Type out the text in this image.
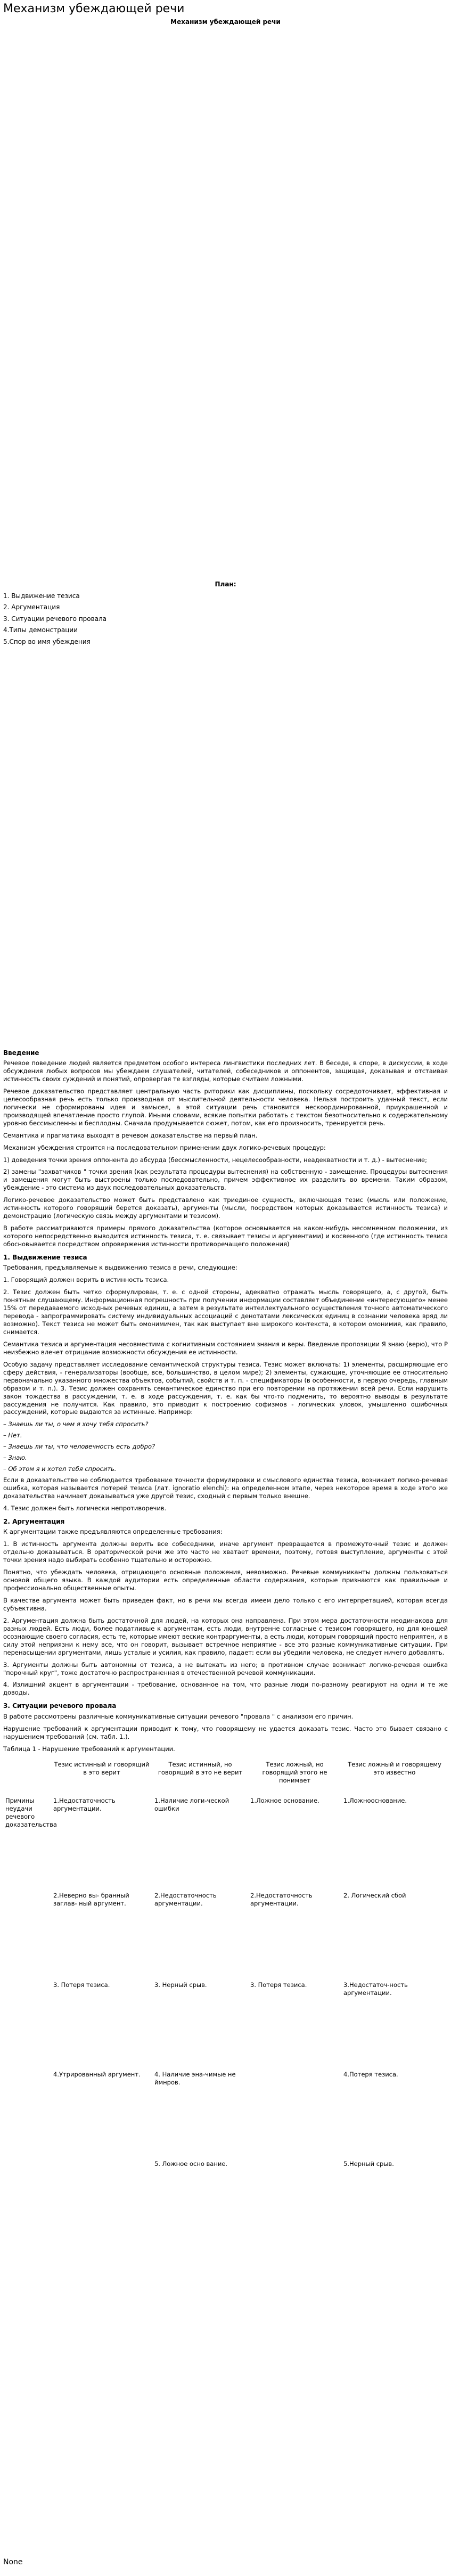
Механизм убеждающей речи
Механизм убеждающей речи
План:
1. Выдвижение тезиса
2. Аргументация
3. Ситуации речевого провала
4.Типы демонстрации
5.Спор во имя убеждения
Введение

Речевое поведение людей является предметом особого интереса лингвистики последних лет. В беседе, в споре, в дискуссии, в ходе обсуждения любых вопросов мы убеждаем слушателей, читателей, собеседников и оппонентов, защищая, доказывая и отстаивая истинность своих суждений и понятий, опровергая те взгляды, которые считаем ложными.

Речевое доказательство представляет центральную часть риторики как дисциплины, поскольку сосредоточивает, эффективная и целесообразная речь есть только производная от мыслительной деятельности человека. Нельзя построить удачный текст, если логически не сформированы идея и замысел, а этой ситуации речь становится нескоординированной, приукрашенной и производящей впечатление просто глупой. Иными словами, всякие попытки работать с текстом безотносительно к содержательному уровню бессмысленны и бесплодны. Сначала продумывается сюжет, потом, как его произносить, тренируется речь.

Семантика и прагматика выходят в речевом доказательстве на первый план.

Механизм убеждения строится на последовательном применении двух логико-речевых процедур:

1) доведения точки зрения оппонента до абсурда (бессмысленности, нецелесообразности, неадекватности и т. д.) - вытеснение;

2) замены "захватчиков " точки зрения (как результата процедуры вытеснения) на собственную - замещение. Процедуры вытеснения и замещения могут быть выстроены только последовательно, причем эффективное их разделить во времени. Таким образом, убеждение - это система из двух последовательных доказательств.

Логико-речевое доказательство может быть представлено как триединое сущность, включающая тезис (мысль или положение, истинность которого говорящий берется доказать), аргументы (мысли, посредством которых доказывается истинность тезиса) и демонстрацию (логическую связь между аргументами и тезисом).

В работе рассматриваются примеры прямого доказательства (которое основывается на каком-нибудь несомненном положении, из которого непосредственно выводится истинность тезиса, т. е. связывает тезисы и аргументами) и косвенного (где истинность тезиса обосновывается посредством опровержения истинности противоречащего положения)

1. Выдвижение тезиса

Требования, предъявляемые к выдвижению тезиса в речи, следующие:

1. Говорящий должен верить в истинность тезиса.

2. Тезис должен быть четко сформулирован, т. е. с одной стороны, адекватно отражать мысль говорящего, а, с другой, быть понятным слушающему. Информационная погрешность при получении информации составляет объединение «интересующего» менее 15% от передаваемого исходных речевых единиц, а затем в результате интеллектуального осуществления точного автоматического перевода - запрограммировать систему индивидуальных ассоциаций с денотатами лексических единиц в сознании человека вряд ли возможно). Текст тезиса не может быть омонимичен, так как выступает вне широкого контекста, в котором омонимия, как правило, снимается.

Семантика тезиса и аргументация несовместима с когнитивным состоянием знания и веры. Введение пропозиции Я знаю (верю), что Р неизбежно влечет отрицание возможности обсуждения ее истинности.

Особую задачу представляет исследование семантической структуры тезиса. Тезис может включать: 1) элементы, расширяющие его сферу действия, - генерализаторы (вообще, все, большинство, в целом мире); 2) элементы, сужающие, уточняющие ее относительно первоначально указанного множества объектов, событий, свойств и т. п. - спецификаторы (в особенности, в первую очередь, главным образом и т. п.). 3. Тезис должен сохранять семантическое единство при его повторении на протяжении всей речи. Если нарушить закон тождества в рассуждении, т. е. в ходе рассуждения, т. е. как бы что-то подменить, то вероятно выводы в результате рассуждения не получится. Как правило, это приводит к построению софизмов - логических уловок, умышленно ошибочных рассуждений, которые выдаются за истинные. Например:

– Знаешь ли ты, о чем я хочу тебя спросить?

– Нет.

– Знаешь ли ты, что человечность есть добро?

– Знаю.

– Об этом я и хотел тебя спросить.

Если в доказательстве не соблюдается требование точности формулировки и смыслового единства тезиса, возникает логико-речевая ошибка, которая называется потерей тезиса (лат. ignoratio elenchi): на определенном этапе, через некоторое время в ходе этого же доказательства начинает доказываться уже другой тезис, сходный с первым только внешне.

4. Тезис должен быть логически непротиворечив.

2. Аргументация

К аргументации также предъявляются определенные требования:

1. В истинность аргумента должны верить все собеседники, иначе аргумент превращается в промежуточный тезис и должен отдельно доказываться. В ораторической речи же это часто не хватает времени, поэтому, готовя выступление, аргументы с этой точки зрения надо выбирать особенно тщательно и осторожно.

Понятно, что убеждать человека, отрицающего основные положения, невозможно. Речевые коммуниканты должны пользоваться основой общего языка. В каждой аудитории есть определенные области содержания, которые признаются как правильные и профессионально общественные опыты.

В качестве аргумента может быть приведен факт, но в речи мы всегда имеем дело только с его интерпретацией, которая всегда субъективна.

2. Аргументация должна быть достаточной для людей, на которых она направлена. При этом мера достаточности неодинакова для разных людей. Есть люди, более податливые к аргументам, есть люди, внутренне согласные с тезисом говорящего, но для юношей осознающие своего согласия, есть те, которые имеют веские контраргументы, а есть люди, которым говорящий просто неприятен, и в силу этой неприязни к нему все, что он говорит, вызывает встречное неприятие - все это разные коммуникативные ситуации. При перенасыщении аргументами, лишь усталые и усилия, как правило, падает: если вы убедили человека, не следует ничего добавлять.

3. Аргументы должны быть автономны от тезиса, а не вытекать из него; в противном случае возникает логико-речевая ошибка "порочный круг", тоже достаточно распространенная в отечественной речевой коммуникации.

4. Излишний акцент в аргументации - требование, основанное на том, что разные люди по-разному реагируют на одни и те же доводы.

3. Ситуации речевого провала

В работе рассмотрены различные коммуникативные ситуации речевого "провала " с анализом его причин.

Нарушение требований к аргументации приводит к тому, что говорящему не удается доказать тезис. Часто это бывает связано с нарушением требований (см. табл. 1.).

Таблица 1 - Нарушение требований к аргументации.
	Тезис истинный и говорящий в это верит	Тезис истинный, но говорящий в это не верит	Тезис ложный, но говорящий этого не понимает	Тезис ложный и говорящему это известно
Причины неудачи речевого доказательства	1.Недостаточность аргументации.	1.Наличие логи-ческой ошибки	1.Ложное основание.	1.Ложнооснование.
	2.Неверно вы- бранный заглав- ный аргумент.	2.Недостаточность аргументации.	2.Недостаточность аргументации.	2. Логический сбой
	3. Потеря тезиса.	3. Нерный срыв.	3. Потеря тезиса.	3.Недостаточ-ность аргументации.
	4.Утрированный аргумент.	4. Наличие эна-чимые не ймнров.		4.Потеря тезиса.
		5. Ложное осно вание.		5.Нерный срыв.
None
